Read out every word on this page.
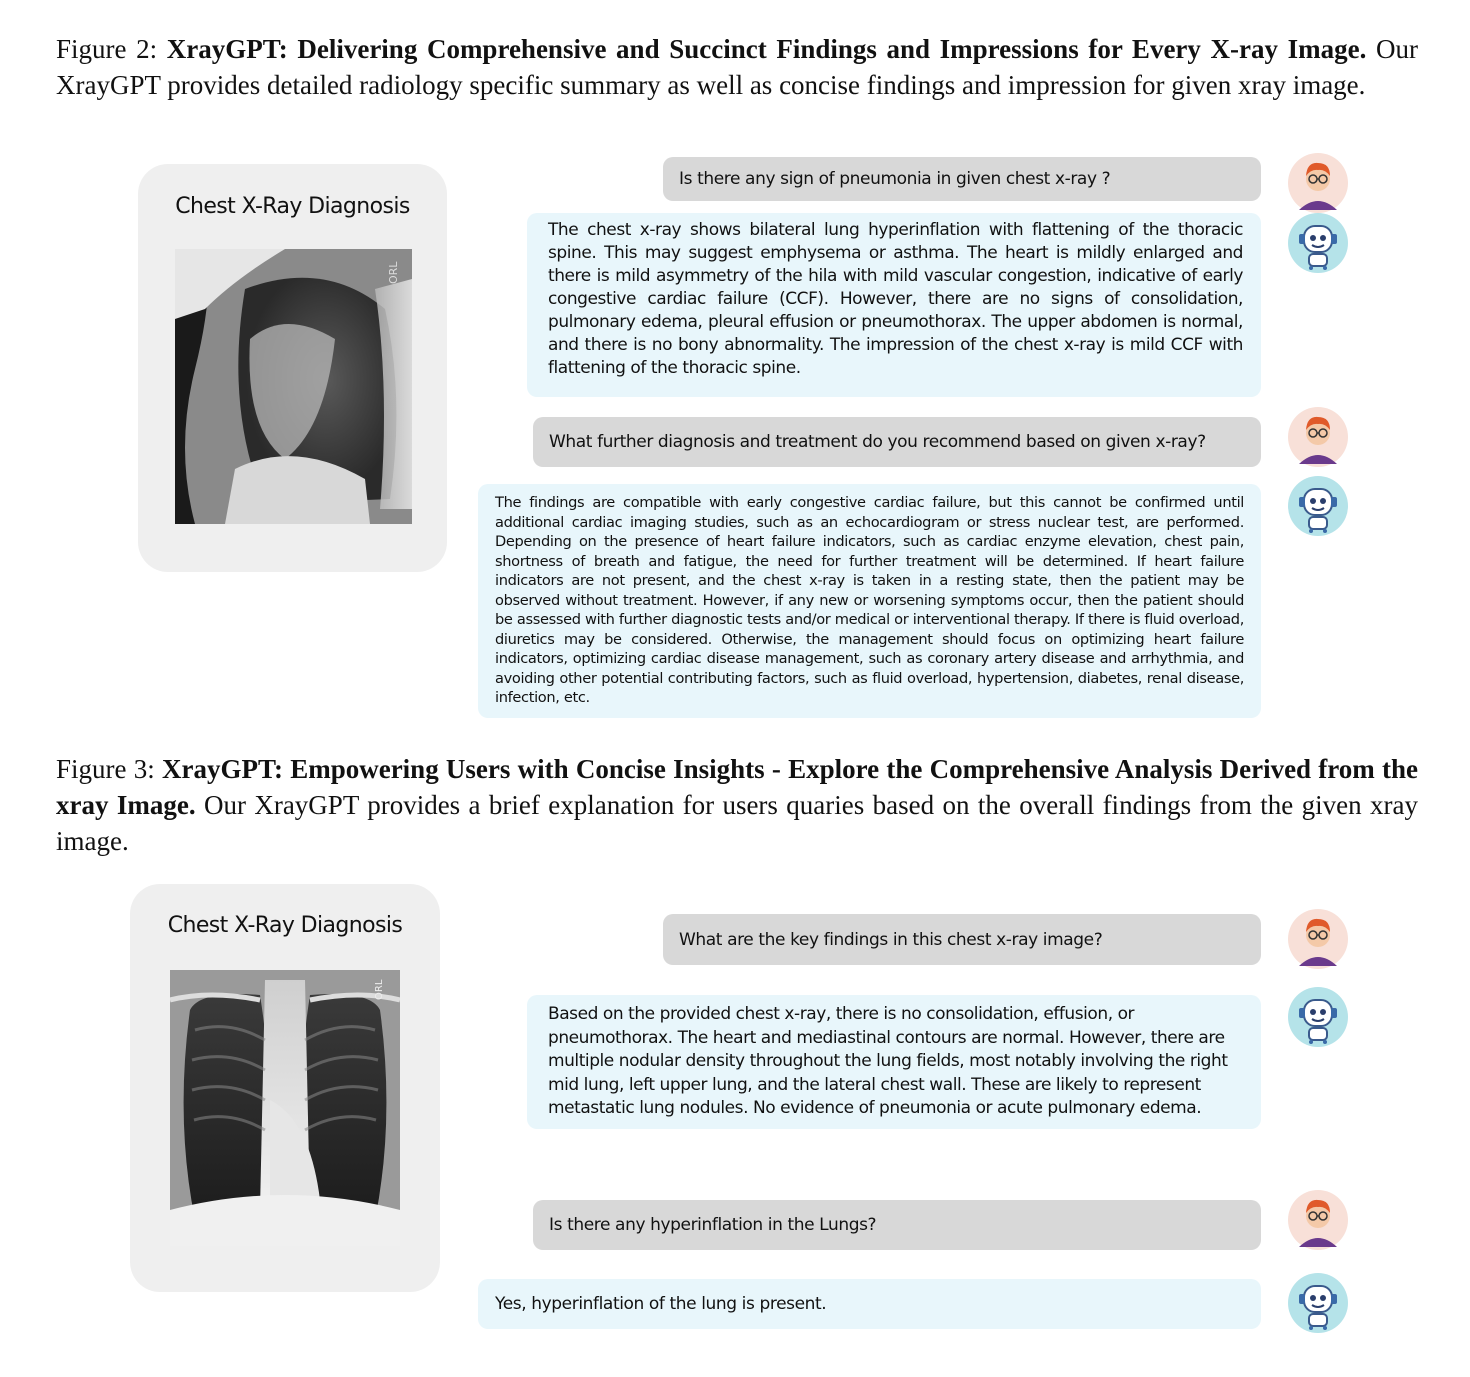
Figure 2: XrayGPT: Delivering Comprehensive and Succinct Findings and Impressions for Every X-ray Image. Our XrayGPT provides detailed radiology specific summary as well as concise findings and impression for given xray image.
Chest X-Ray Diagnosis
ORL
Is there any sign of pneumonia in given chest x-ray ?
The chest x-ray shows bilateral lung hyperinflation with flattening of the thoracic spine. This may suggest emphysema or asthma. The heart is mildly enlarged and there is mild asymmetry of the hila with mild vascular congestion, indicative of early congestive cardiac failure (CCF). However, there are no signs of consolidation, pulmonary edema, pleural effusion or pneumothorax. The upper abdomen is normal, and there is no bony abnormality. The impression of the chest x-ray is mild CCF with flattening of the thoracic spine.
What further diagnosis and treatment do you recommend based on given x-ray?
The findings are compatible with early congestive cardiac failure, but this cannot be confirmed until additional cardiac imaging studies, such as an echocardiogram or stress nuclear test, are performed. Depending on the presence of heart failure indicators, such as cardiac enzyme elevation, chest pain, shortness of breath and fatigue, the need for further treatment will be determined. If heart failure indicators are not present, and the chest x-ray is taken in a resting state, then the patient may be observed without treatment. However, if any new or worsening symptoms occur, then the patient should be assessed with further diagnostic tests and/or medical or interventional therapy. If there is fluid overload, diuretics may be considered. Otherwise, the management should focus on optimizing heart failure indicators, optimizing cardiac disease management, such as coronary artery disease and arrhythmia, and avoiding other potential contributing factors, such as fluid overload, hypertension, diabetes, renal disease, infection, etc.
Figure 3: XrayGPT: Empowering Users with Concise Insights - Explore the Comprehensive Analysis Derived from the xray Image. Our XrayGPT provides a brief explanation for users quaries based on the overall findings from the given xray image.
Chest X-Ray Diagnosis
ORL
What are the key findings in this chest x-ray image?
Based on the provided chest x-ray, there is no consolidation, effusion, or pneumothorax. The heart and mediastinal contours are normal. However, there are multiple nodular density throughout the lung fields, most notably involving the right mid lung, left upper lung, and the lateral chest wall. These are likely to represent metastatic lung nodules. No evidence of pneumonia or acute pulmonary edema.
Is there any hyperinflation in the Lungs?
Yes, hyperinflation of the lung is present.
